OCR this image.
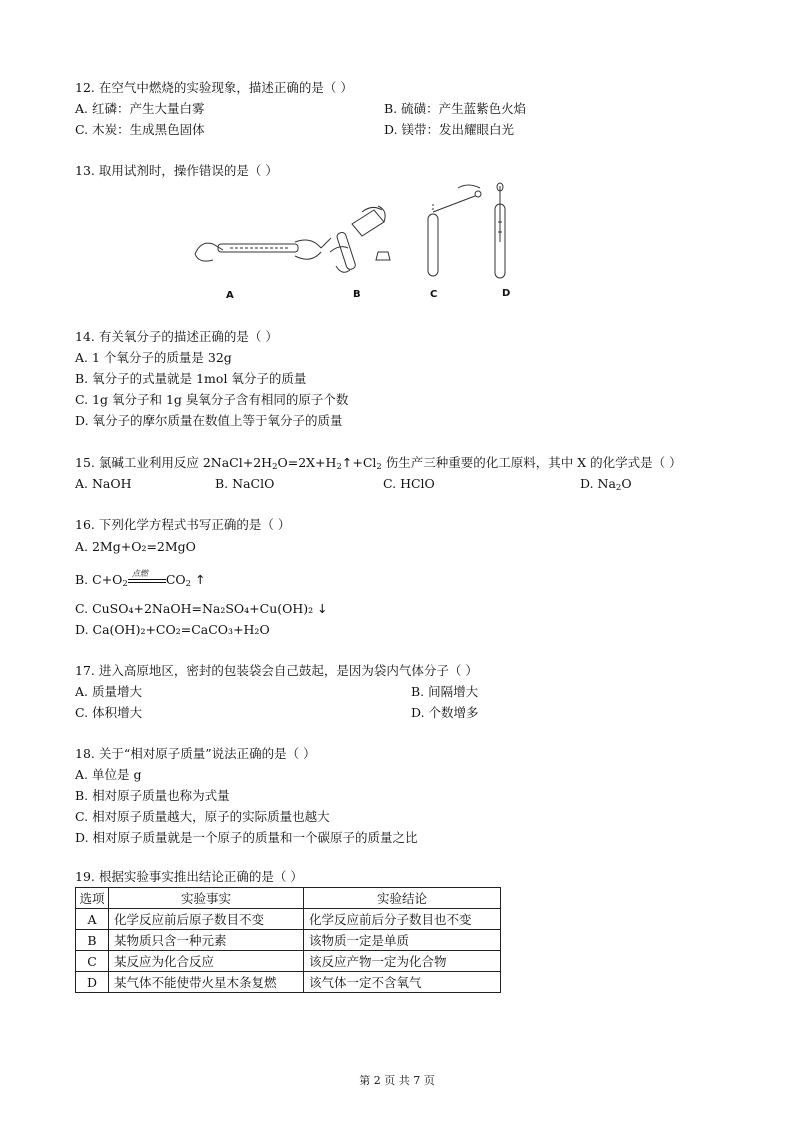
12. 在空气中燃烧的实验现象，描述正确的是（ ）
A. 红磷：产生大量白雾	B. 硫磺：产生蓝紫色火焰
C. 木炭：生成黑色固体	D. 镁带：发出耀眼白光
13. 取用试剂时，操作错误的是（ ）
A	B	C	D
14. 有关氧分子的描述正确的是（ ）
A. 1 个氧分子的质量是 32g
B. 氧分子的式量就是 1mol 氧分子的质量
C. 1g 氧分子和 1g 臭氧分子含有相同的原子个数
D. 氧分子的摩尔质量在数值上等于氧分子的质量
15. 氯碱工业利用反应 $2NaCl+2H_2O=2X+H_2↑+Cl_2$ 伤生产三种重要的化工原料，其中 X 的化学式是（ ）
A. NaOH	B. NaClO	C. HClO	D. $Na_2O$
16. 下列化学方程式书写正确的是（ ）
A. 2Mg+O₂=2MgO
B. $C+O_2$
点燃 $CO_2$ ↑
C. CuSO₄+2NaOH=Na₂SO₄+Cu(OH)₂ ↓
D. Ca(OH)₂+CO₂=CaCO₃+H₂O
17. 进入高原地区，密封的包装袋会自己鼓起，是因为袋内气体分子（ ）
A. 质量增大	B. 间隔增大
C. 体积增大	D. 个数增多
18. 关于“相对原子质量”说法正确的是（ ）
A. 单位是 g
B. 相对原子质量也称为式量
C. 相对原子质量越大，原子的实际质量也越大
D. 相对原子质量就是一个原子的质量和一个碳原子的质量之比
19. 根据实验事实推出结论正确的是（ ）
选项	实验事实	实验结论
A	化学反应前后原子数目不变	化学反应前后分子数目也不变
B	某物质只含一种元素	该物质一定是单质
C	某反应为化合反应	该反应产物一定为化合物
D	某气体不能使带火星木条复燃	该气体一定不含氧气
第 2 页 共 7 页
